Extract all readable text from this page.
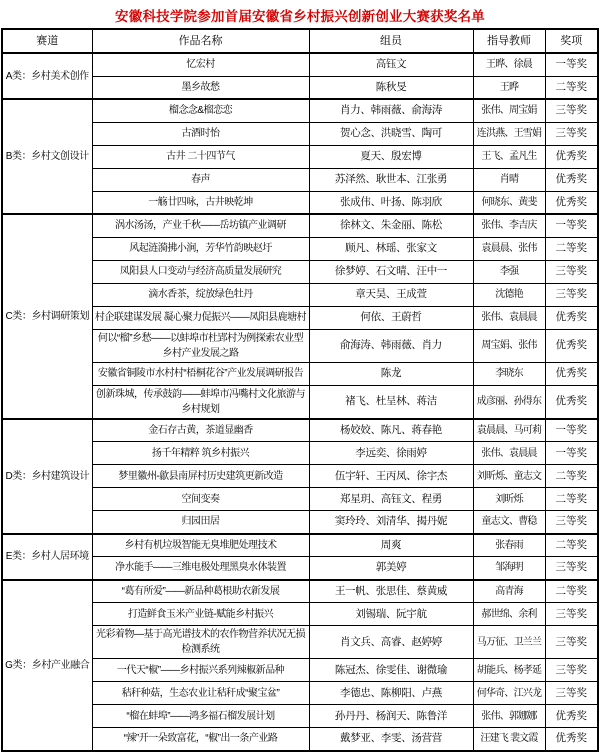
安徽科技学院参加首届安徽省乡村振兴创新创业大赛获奖名单
赛道	作品名称	组员	指导教师	奖项
A类：乡村美术创作	忆宏村	高钰文	王晔、徐晨	一等奖
	墨乡故愁	陈秋旻	王晔	二等奖
B类：乡村文创设计	榴念念&榴恋恋	肖力、韩雨薇、俞海涛	张伟、周宝娟	三等奖
	古酒时怡	贺心念、洪晓雪、陶可	连洪燕、王雪娟	三等奖
	古井 二十四节气	夏天、殷宏博	王飞、孟凡生	优秀奖
	春声	苏泽然、耿世本、江张勇	肖晴	优秀奖
	一觞廿四咏，古井映乾坤	张成伟、叶扬、陈羽欣	何晓东、黄斐	优秀奖
C类：乡村调研策划	涡水汤汤，产业千秋——岳坊镇产业调研	徐林文、朱金丽、陈松	张伟、李吉庆	一等奖
	风起涟漪拂小涧，芳华竹韵映赵圩	顾凡、林瑶、张家文	袁晨晨、张伟	二等奖
	凤阳县人口变动与经济高质量发展研究	徐梦婷、石文晴、汪中一	李强	三等奖
	滴水香茶，绽放绿色牡丹	章天昊、王成萱	沈德艳	三等奖
	村企联建谋发展 凝心聚力促振兴——凤阳县鹿塘村	何依、王蔚哲	张伟、袁晨晨	优秀奖
	何以“榴”乡愁——以蚌埠市杜郢村为例探索农业型乡村产业发展之路	俞海涛、韩雨薇、肖力	周宝娟、张伟	优秀奖
	安徽省铜陵市水村村“梧桐花谷”产业发展调研报告	陈龙	李晓东	优秀奖
	创新珠城，传承鼓韵——蚌埠市冯嘴村文化旅游与乡村规划	褚飞、杜呈林、蒋洁	成彦丽、孙得东	优秀奖
D类：乡村建筑设计	金石存古黄，茶道显幽香	杨姣姣、陈凡、蒋春艳	袁晨晨、马可莉	一等奖
	扬千年精粹 筑乡村振兴	李远奕、徐雨婷	张伟、袁晨晨	一等奖
	梦里徽州-歙县南屏村历史建筑更新改造	伍宇轩、王丙凤、徐宇杰	刘昕烁、童志文	二等奖
	空间变奏	郑星玥、高钰文、程勇	刘昕烁	二等奖
	归园田居	窦玲玲、刘清华、揭丹妮	童志文、曹稳	三等奖
E类：乡村人居环境	乡村有机垃圾智能无臭堆肥处理技术	周爽	张春雨	二等奖
	净水能手——三维电极处理黑臭水体装置	郭美婷	邹海明	三等奖
G类：乡村产业融合	“葛有所爱”——新品种葛根助农新发展	王一帆、张思佳、蔡黄威	高青海	二等奖
	打造鲜食玉米产业链-赋能乡村振兴	刘锡瑞、阮宇航	郝世绵、余利	三等奖
	光彩着物—基于高光谱技术的农作物营养状况无损检测系统	肖文兵、高睿、赵婷婷	马万征、卫兰兰	三等奖
	一代天“椒”——乡村振兴系列辣椒新品种	陈冠杰、徐雯佳、谢微瑜	胡能兵、杨孝延	三等奖
	秸秆种菇，生态农业让秸秆成“聚宝盆”	李德忠、陈柳阳、卢燕	何华奇、江兴龙	三等奖
	“榴在蚌埠”——鸿多福石榴发展计划	孙丹丹、杨润天、陈鲁洋	张伟、郭娜娜	优秀奖
	“辣”开一朵致富花，“椒”出一条产业路	戴梦亚、李雯、汤营营	汪建飞 裴文霞	优秀奖
